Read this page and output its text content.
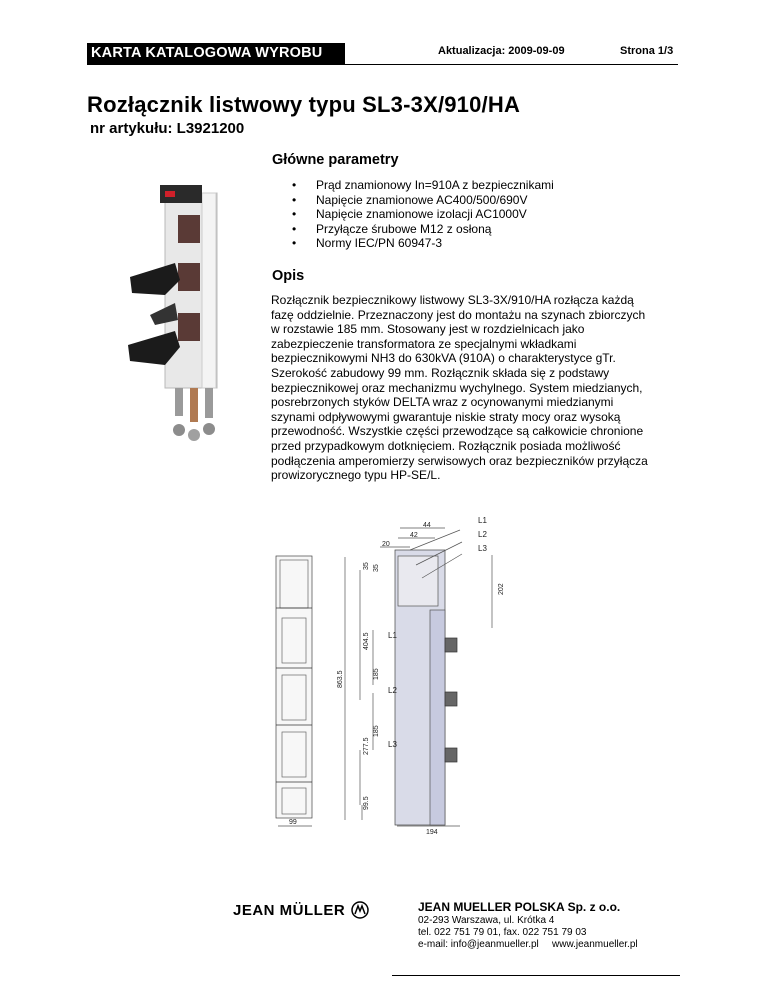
KARTA KATALOGOWA WYROBU	Aktualizacja: 2009-09-09	Strona 1/3
Rozłącznik listwowy typu SL3-3X/910/HA
nr artykułu: L3921200
Główne parametry
• Prąd znamionowy In=910A z bezpiecznikami
• Napięcie znamionowe AC400/500/690V
• Napięcie znamionowe izolacji AC1000V
• Przyłącze śrubowe M12 z osłoną
• Normy IEC/PN 60947-3
Opis
Rozłącznik bezpiecznikowy listwowy SL3-3X/910/HA rozłącza każdą
fazę oddzielnie. Przeznaczony jest do montażu na szynach zbiorczych
w rozstawie 185 mm. Stosowany jest w rozdzielnicach jako
zabezpieczenie transformatora ze specjalnymi wkładkami
bezpiecznikowymi NH3 do 630kVA (910A) o charakterystyce gTr.
Szerokość zabudowy 99 mm. Rozłącznik składa się z podstawy
bezpiecznikowej oraz mechanizmu wychylnego. System miedzianych,
posrebrzonych styków DELTA wraz z ocynowanymi miedzianymi
szynami odpływowymi gwarantuje niskie straty mocy oraz wysoką
przewodność. Wszystkie części przewodzące są całkowicie chronione
przed przypadkowym dotknięciem. Rozłącznik posiada możliwość
podłączenia amperomierzy serwisowych oraz bezpieczników przyłącza
prowizorycznego typu HP-SE/L.
44
42
20
35 35
202
404.5
863.5	185
185
277.5
99.5
99
194
L1
L2
L3
L1
L2
L3
JEAN MÜLLER	JEAN MUELLER POLSKA Sp. z o.o.
02-293 Warszawa, ul. Krótka 4
tel. 022 751 79 01, fax. 022 751 79 03
e-mail: info@jeanmueller.pl www.jeanmueller.pl
